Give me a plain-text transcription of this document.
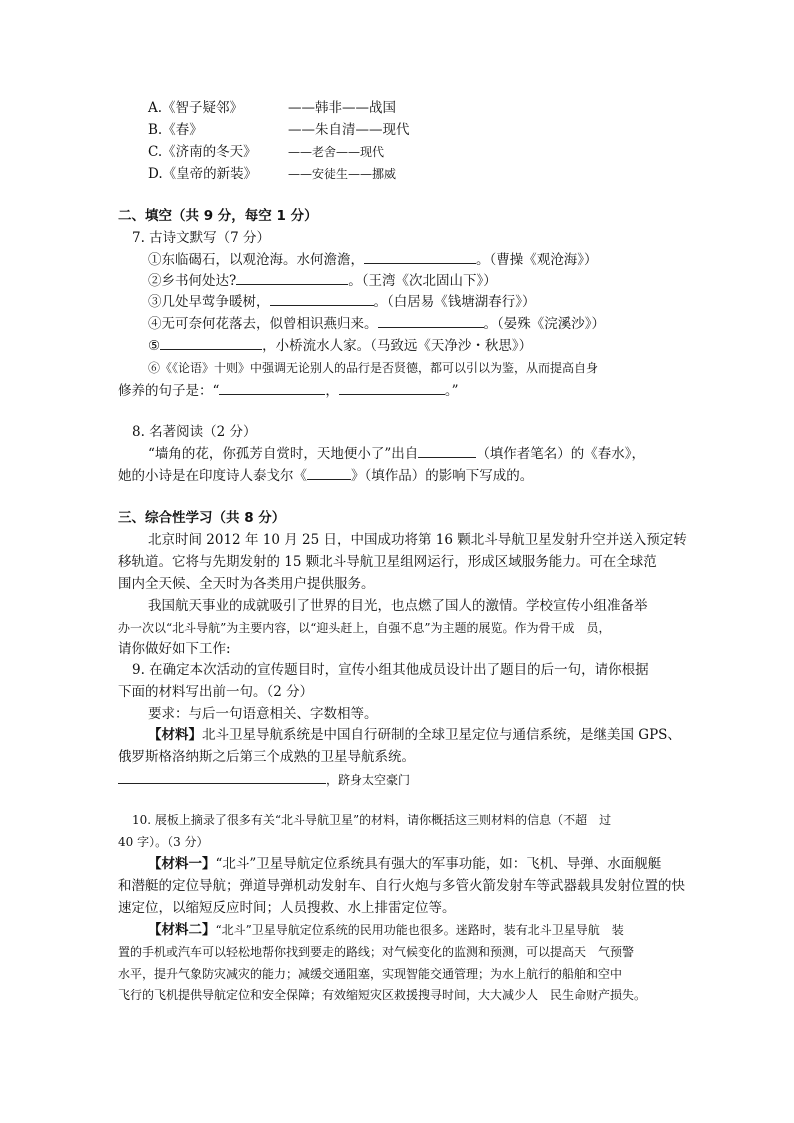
A.《智子疑邻》	——韩非——战国
B.《春》	——朱自清——现代
C.《济南的冬天》	——老舍——现代
D.《皇帝的新装》	——安徒生——挪威
二、填空（共 9 分，每空 1 分）
7. 古诗文默写（7 分）
①东临碣石，以观沧海。水何澹澹，	。（曹操《观沧海》）
②乡书何处达?	。（王湾《次北固山下》）
③几处早莺争暖树，	。（白居易《钱塘湖春行》）
④无可奈何花落去，似曾相识燕归来。	。（晏殊《浣溪沙》）
⑤	，小桥流水人家。（马致远《天净沙・秋思》）
⑥《《论语》十则》中强调无论别人的品行是否贤德，都可以引以为鉴，从而提高自身
修养的句子是：“	，	。”
8. 名著阅读（2 分）
“墙角的花，你孤芳自赏时，天地便小了”出自	（填作者笔名）的《春水》，
她的小诗是在印度诗人泰戈尔《	》（填作品）的影响下写成的。
三、综合性学习（共 8 分）
北京时间 2012 年 10 月 25 日，中国成功将第 16 颗北斗导航卫星发射升空并送入预定转
移轨道。它将与先期发射的 15 颗北斗导航卫星组网运行，形成区域服务能力。可在全球范
围内全天候、全天时为各类用户提供服务。
我国航天事业的成就吸引了世界的目光，也点燃了国人的激情。学校宣传小组准备举
办一次以“北斗导航”为主要内容，以“迎头赶上，自强不息”为主题的展览。作为骨干成　员，
请你做好如下工作:
9. 在确定本次活动的宣传题目时，宣传小组其他成员设计出了题目的后一句，请你根据
下面的材料写出前一句。（2 分）
要求：与后一句语意相关、字数相等。
【材料】北斗卫星导航系统是中国自行研制的全球卫星定位与通信系统，是继美国 GPS、
俄罗斯格洛纳斯之后第三个成熟的卫星导航系统。
，跻身太空豪门
10. 展板上摘录了很多有关“北斗导航卫星”的材料，请你概括这三则材料的信息（不超　过
40 字）。（3 分）
【材料一】“北斗”卫星导航定位系统具有强大的军事功能，如：飞机、导弹、水面舰艇
和潜艇的定位导航；弹道导弹机动发射车、自行火炮与多管火箭发射车等武器载具发射位置的快
速定位，以缩短反应时间；人员搜救、水上排雷定位等。
【材料二】“北斗”卫星导航定位系统的民用功能也很多。迷路时，装有北斗卫星导航　装
置的手机或汽车可以轻松地帮你找到要走的路线；对气候变化的监测和预测，可以提高天　气预警
水平，提升气象防灾减灾的能力；减缓交通阻塞，实现智能交通管理；为水上航行的船舶和空中
飞行的飞机提供导航定位和安全保障；有效缩短灾区救援搜寻时间，大大减少人　民生命财产损失。
